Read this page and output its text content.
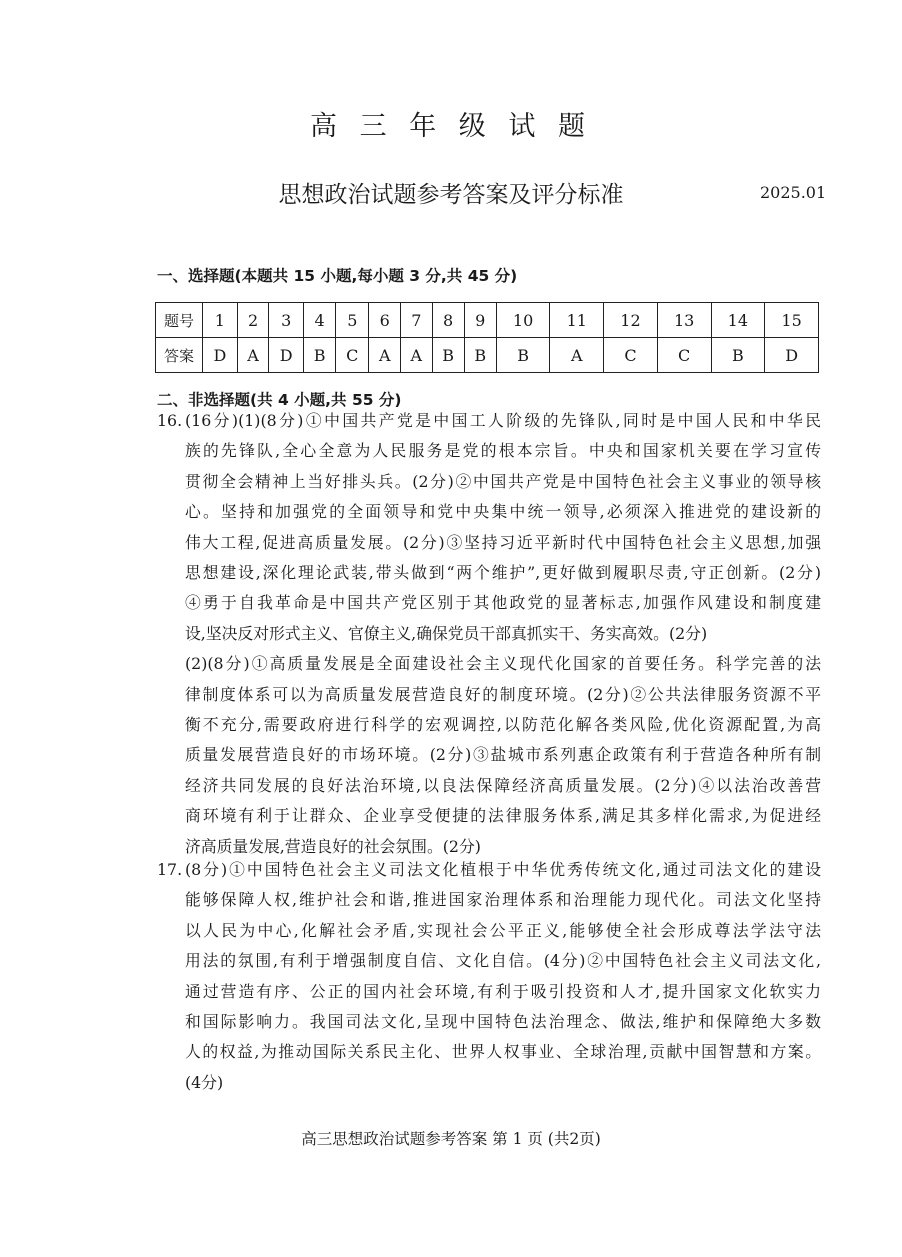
高 三 年 级 试 题
思想政治试题参考答案及评分标准	2025.01
一、选择题(本题共 15 小题,每小题 3 分,共 45 分)
题号	1	2	3	4	5	6	7	8	9	10	11	12	13	14	15
答案	D	A	D	B	C	A	A	B	B	B	A	C	C	B	D
二、非选择题(共 4 小题,共 55 分)
16. (16分)(1)(8分)①中国共产党是中国工人阶级的先锋队,同时是中国人民和中华民
族的先锋队,全心全意为人民服务是党的根本宗旨。中央和国家机关要在学习宣传
贯彻全会精神上当好排头兵。(2分)②中国共产党是中国特色社会主义事业的领导核
心。坚持和加强党的全面领导和党中央集中统一领导,必须深入推进党的建设新的
伟大工程,促进高质量发展。(2分)③坚持习近平新时代中国特色社会主义思想,加强
思想建设,深化理论武装,带头做到“两个维护”,更好做到履职尽责,守正创新。(2分)
④勇于自我革命是中国共产党区别于其他政党的显著标志,加强作风建设和制度建
设,坚决反对形式主义、官僚主义,确保党员干部真抓实干、务实高效。(2分)
(2)(8分)①高质量发展是全面建设社会主义现代化国家的首要任务。科学完善的法
律制度体系可以为高质量发展营造良好的制度环境。(2分)②公共法律服务资源不平
衡不充分,需要政府进行科学的宏观调控,以防范化解各类风险,优化资源配置,为高
质量发展营造良好的市场环境。(2分)③盐城市系列惠企政策有利于营造各种所有制
经济共同发展的良好法治环境,以良法保障经济高质量发展。(2分)④以法治改善营
商环境有利于让群众、企业享受便捷的法律服务体系,满足其多样化需求,为促进经
济高质量发展,营造良好的社会氛围。(2分)
17. (8分)①中国特色社会主义司法文化植根于中华优秀传统文化,通过司法文化的建设
能够保障人权,维护社会和谐,推进国家治理体系和治理能力现代化。司法文化坚持
以人民为中心,化解社会矛盾,实现社会公平正义,能够使全社会形成尊法学法守法
用法的氛围,有利于增强制度自信、文化自信。(4分)②中国特色社会主义司法文化,
通过营造有序、公正的国内社会环境,有利于吸引投资和人才,提升国家文化软实力
和国际影响力。我国司法文化,呈现中国特色法治理念、做法,维护和保障绝大多数
人的权益,为推动国际关系民主化、世界人权事业、全球治理,贡献中国智慧和方案。
(4分)
高三思想政治试题参考答案 第 1 页 (共2页)
